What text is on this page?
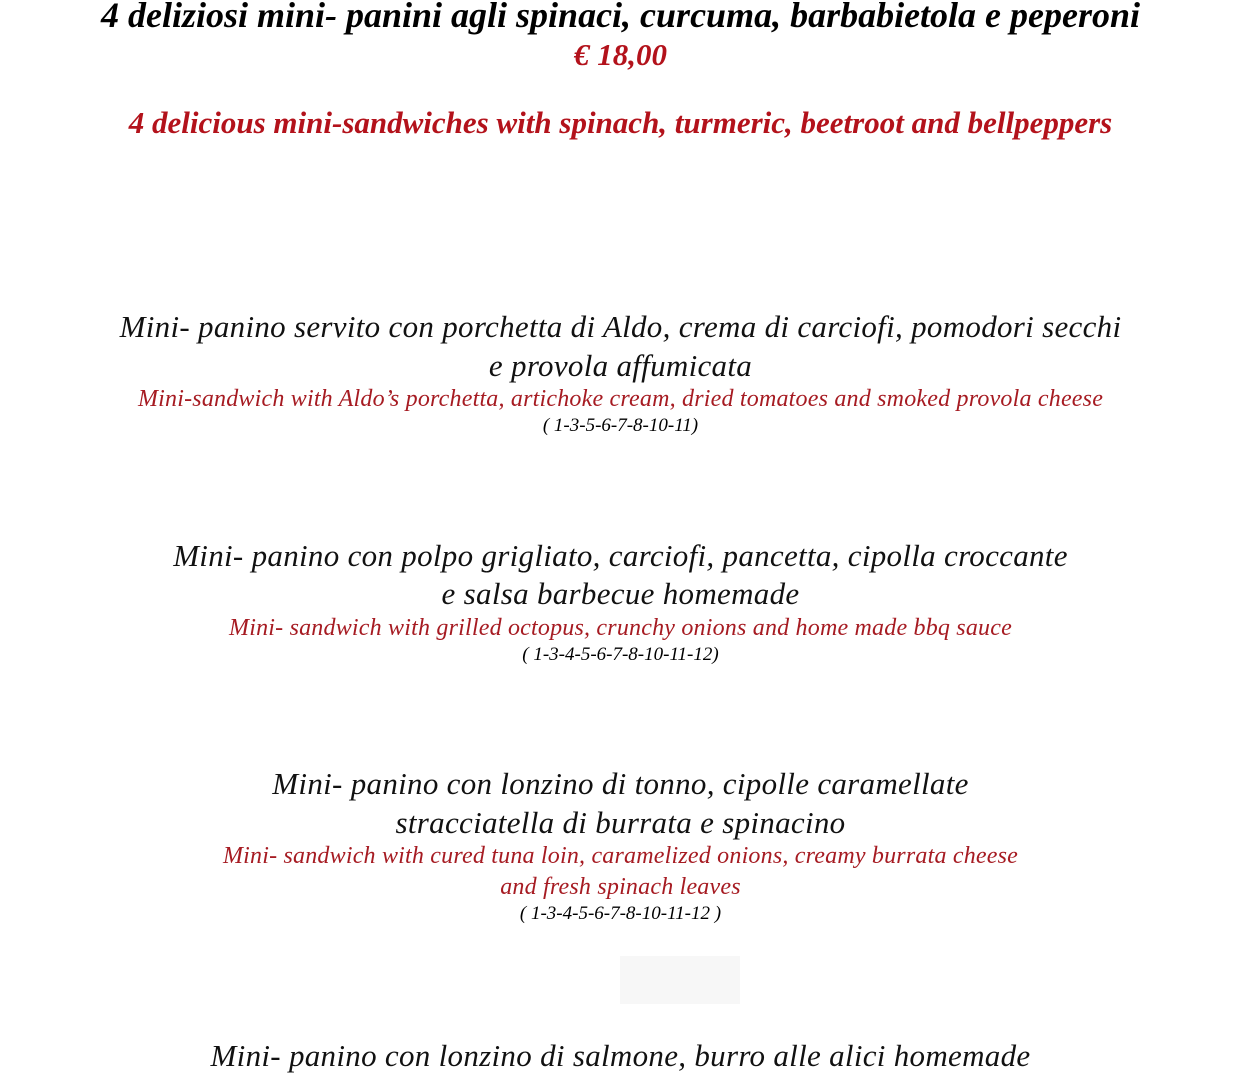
4 deliziosi mini- panini agli spinaci, curcuma, barbabietola e peperoni

€ 18,00

4 delicious mini-sandwiches with spinach, turmeric, beetroot and bellpeppers

Mini- panino servito con porchetta di Aldo, crema di carciofi, pomodori secchi
e provola affumicata
Mini-sandwich with Aldo’s porchetta, artichoke cream, dried tomatoes and smoked provola cheese
( 1-3-5-6-7-8-10-11)
Mini- panino con polpo grigliato, carciofi, pancetta, cipolla croccante
e salsa barbecue homemade
Mini- sandwich with grilled octopus, crunchy onions and home made bbq sauce
( 1-3-4-5-6-7-8-10-11-12)
Mini- panino con lonzino di tonno, cipolle caramellate
stracciatella di burrata e spinacino
Mini- sandwich with cured tuna loin, caramelized onions, creamy burrata cheese
and fresh spinach leaves
( 1-3-4-5-6-7-8-10-11-12 )
Mini- panino con lonzino di salmone, burro alle alici homemade
